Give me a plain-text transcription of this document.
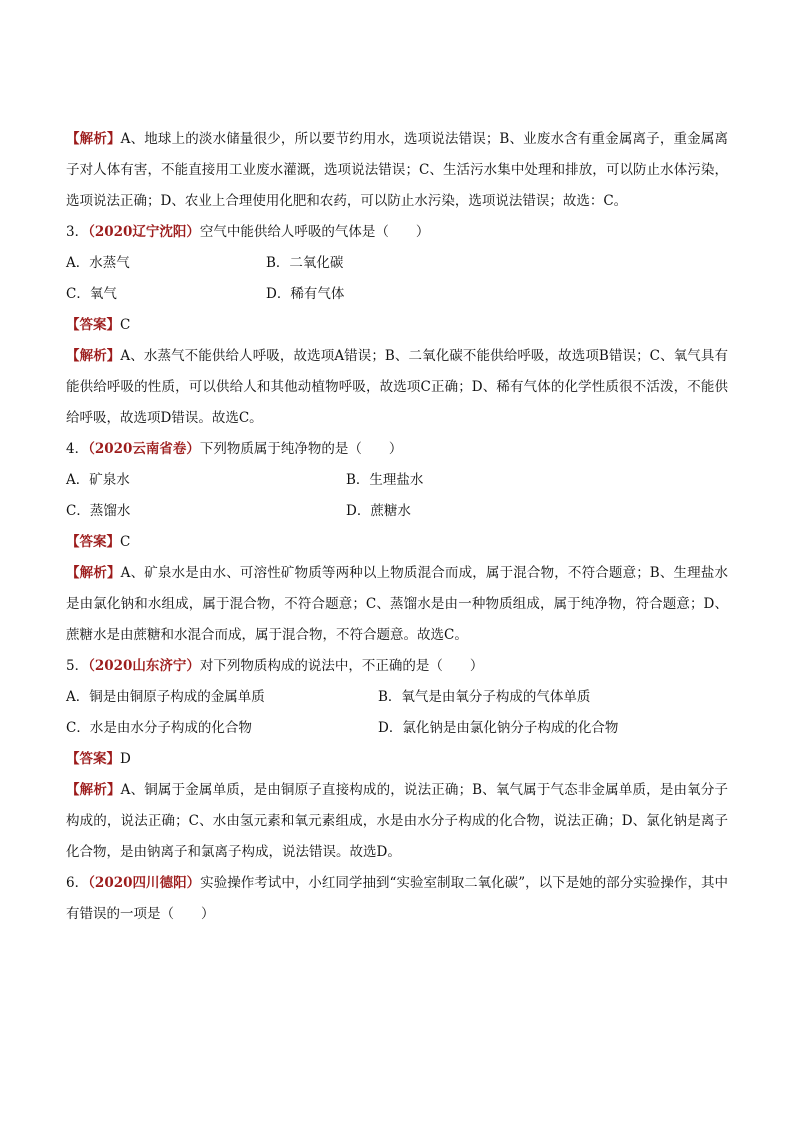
【解析】A、地球上的淡水储量很少，所以要节约用水，选项说法错误；B、业废水含有重金属离子，重金属离子对人体有害，不能直接用工业废水灌溉，选项说法错误；C、生活污水集中处理和排放，可以防止水体污染，选项说法正确；D、农业上合理使用化肥和农药，可以防止水污染，选项说法错误；故选：C。

3．（2020辽宁沈阳）空气中能供给人呼吸的气体是（　　）

A．水蒸气	B．二氧化碳
C．氧气	D．稀有气体

【答案】C

【解析】A、水蒸气不能供给人呼吸，故选项A错误；B、二氧化碳不能供给呼吸，故选项B错误；C、氧气具有能供给呼吸的性质，可以供给人和其他动植物呼吸，故选项C正确；D、稀有气体的化学性质很不活泼，不能供给呼吸，故选项D错误。故选C。

4．（2020云南省卷）下列物质属于纯净物的是（　　）

A．矿泉水	B．生理盐水
C．蒸馏水	D．蔗糖水

【答案】C

【解析】A、矿泉水是由水、可溶性矿物质等两种以上物质混合而成，属于混合物，不符合题意；B、生理盐水是由氯化钠和水组成，属于混合物，不符合题意；C、蒸馏水是由一种物质组成，属于纯净物，符合题意；D、蔗糖水是由蔗糖和水混合而成，属于混合物，不符合题意。故选C。

5．（2020山东济宁）对下列物质构成的说法中，不正确的是（　　）

A．铜是由铜原子构成的金属单质	B．氧气是由氧分子构成的气体单质
C．水是由水分子构成的化合物	D．氯化钠是由氯化钠分子构成的化合物

【答案】D

【解析】A、铜属于金属单质，是由铜原子直接构成的，说法正确；B、氧气属于气态非金属单质，是由氧分子构成的，说法正确；C、水由氢元素和氧元素组成，水是由水分子构成的化合物，说法正确；D、氯化钠是离子化合物，是由钠离子和氯离子构成，说法错误。故选D。

6．（2020四川德阳）实验操作考试中，小红同学抽到“实验室制取二氧化碳”，以下是她的部分实验操作，其中有错误的一项是（　　）
